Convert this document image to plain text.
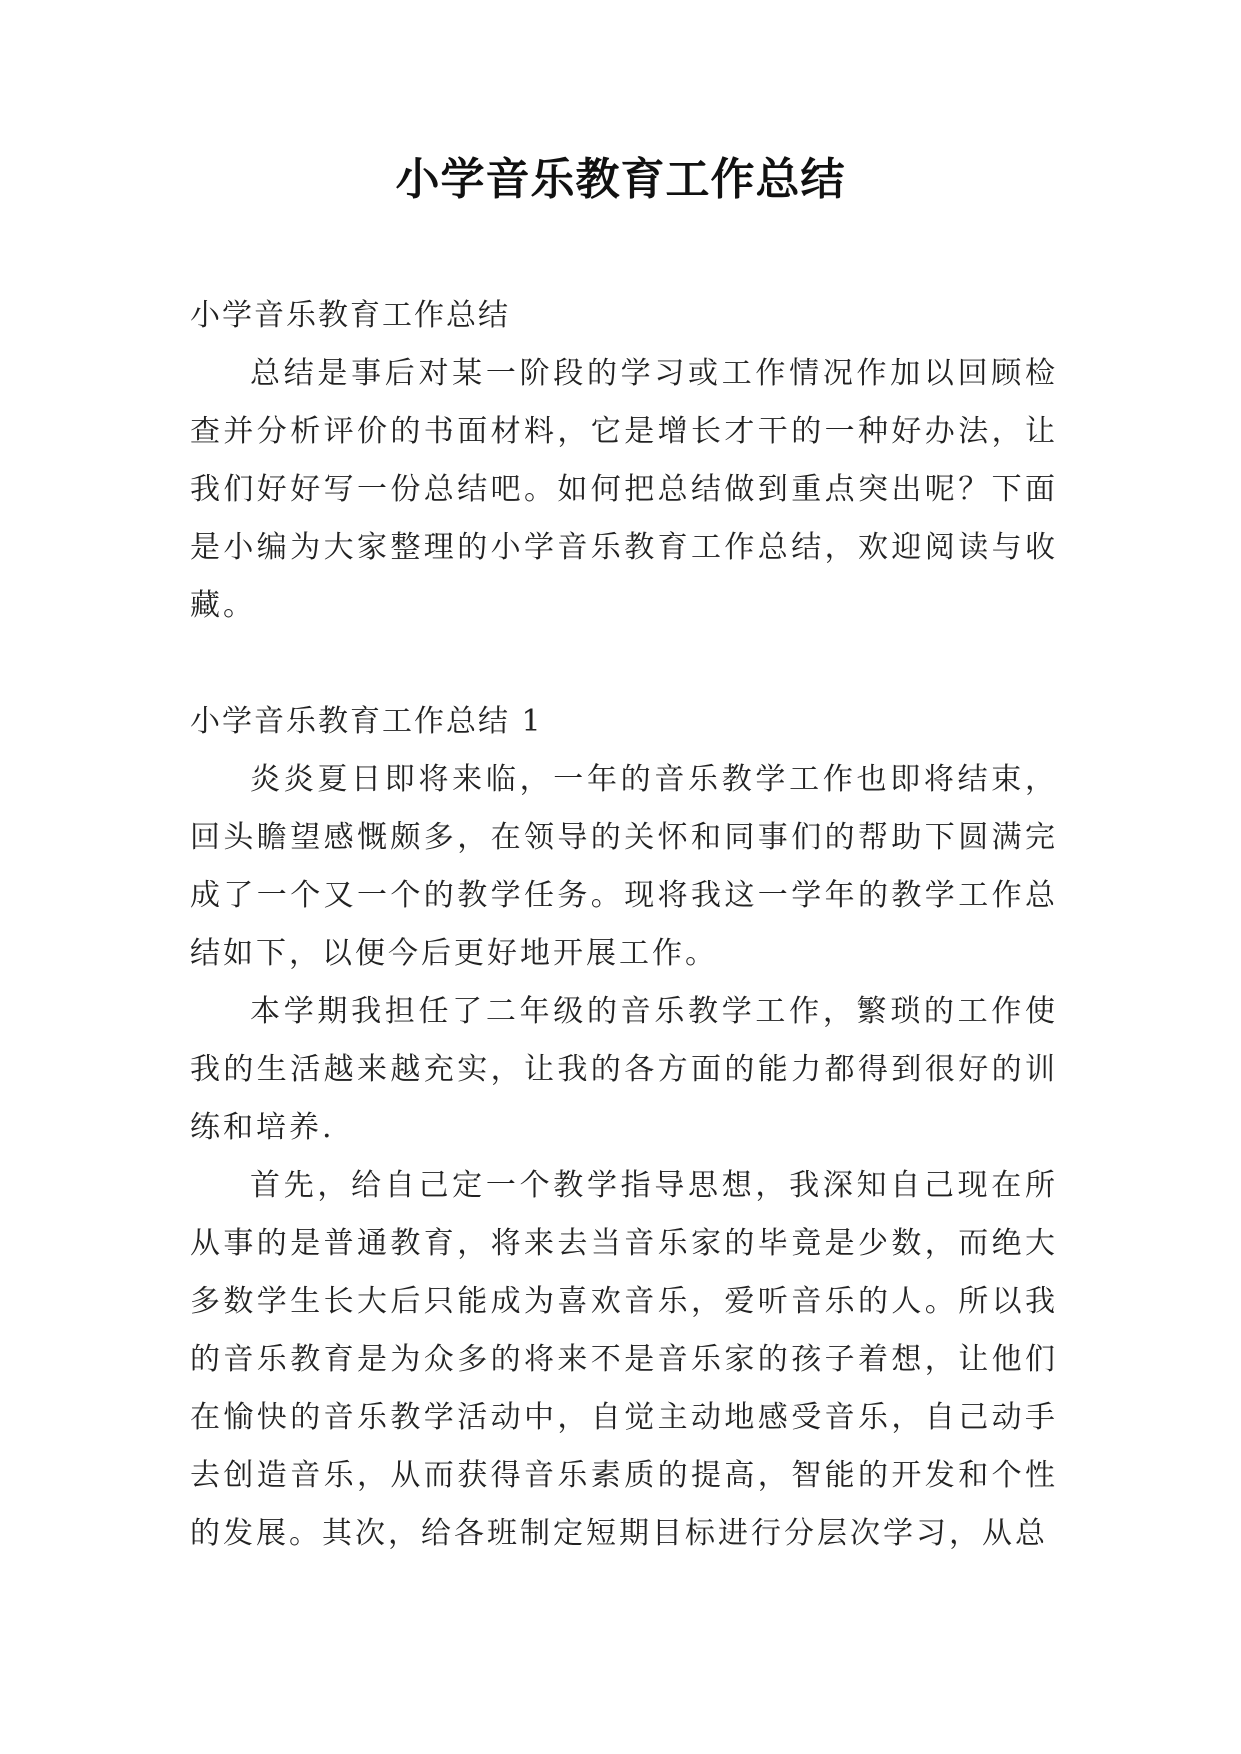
小学音乐教育工作总结

小学音乐教育工作总结

总结是事后对某一阶段的学习或工作情况作加以回顾检查并分析评价的书面材料，它是增长才干的一种好办法，让我们好好写一份总结吧。如何把总结做到重点突出呢？下面是小编为大家整理的小学音乐教育工作总结，欢迎阅读与收藏。

小学音乐教育工作总结 1

炎炎夏日即将来临，一年的音乐教学工作也即将结束，回头瞻望感慨颇多，在领导的关怀和同事们的帮助下圆满完成了一个又一个的教学任务。现将我这一学年的教学工作总结如下，以便今后更好地开展工作。

本学期我担任了二年级的音乐教学工作，繁琐的工作使我的生活越来越充实，让我的各方面的能力都得到很好的训练和培养.

首先，给自己定一个教学指导思想，我深知自己现在所从事的是普通教育，将来去当音乐家的毕竟是少数，而绝大多数学生长大后只能成为喜欢音乐，爱听音乐的人。所以我的音乐教育是为众多的将来不是音乐家的孩子着想，让他们在愉快的音乐教学活动中，自觉主动地感受音乐，自己动手去创造音乐，从而获得音乐素质的提高，智能的开发和个性的发展。其次，给各班制定短期目标进行分层次学习，从总
